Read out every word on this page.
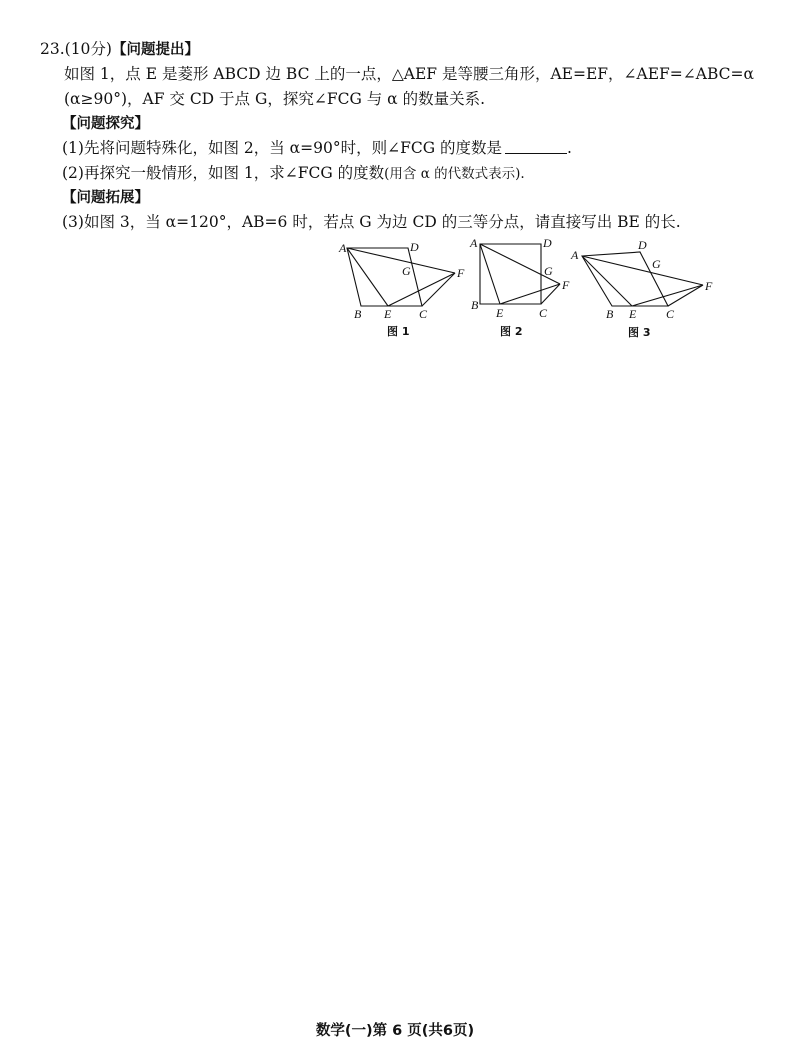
23.(10分)【问题提出】
如图 1，点 E 是菱形 ABCD 边 BC 上的一点，△AEF 是等腰三角形，AE=EF，∠AEF=∠ABC=α
(α≥90°)，AF 交 CD 于点 G，探究∠FCG 与 α 的数量关系.
【问题探究】
(1)先将问题特殊化，如图 2，当 α=90°时，则∠FCG 的度数是	.
(2)再探究一般情形，如图 1，求∠FCG 的度数(用含 α 的代数式表示).
【问题拓展】
(3)如图 3，当 α=120°，AB=6 时，若点 G 为边 CD 的三等分点，请直接写出 BE 的长.
A	D
G	F
B E C
图 1
A	D
G
F
B
E	C
图 2
A
D
G
F
B E C
图 3
数学(一)第 6 页(共6页)
